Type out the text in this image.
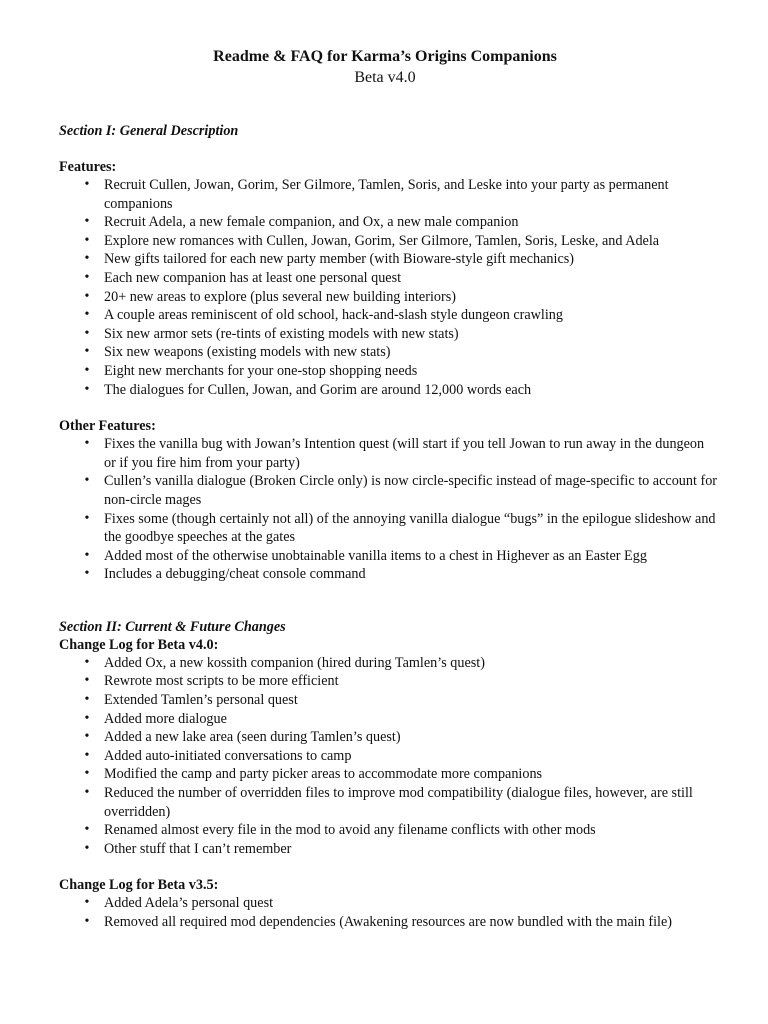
Readme & FAQ for Karma’s Origins Companions

Beta v4.0

Section I: General Description

Features:

• Recruit Cullen, Jowan, Gorim, Ser Gilmore, Tamlen, Soris, and Leske into your party as permanent companions
• Recruit Adela, a new female companion, and Ox, a new male companion
• Explore new romances with Cullen, Jowan, Gorim, Ser Gilmore, Tamlen, Soris, Leske, and Adela
• New gifts tailored for each new party member (with Bioware-style gift mechanics)
• Each new companion has at least one personal quest
• 20+ new areas to explore (plus several new building interiors)
• A couple areas reminiscent of old school, hack-and-slash style dungeon crawling
• Six new armor sets (re-tints of existing models with new stats)
• Six new weapons (existing models with new stats)
• Eight new merchants for your one-stop shopping needs
• The dialogues for Cullen, Jowan, and Gorim are around 12,000 words each

Other Features:

• Fixes the vanilla bug with Jowan’s Intention quest (will start if you tell Jowan to run away in the dungeon or if you fire him from your party)
• Cullen’s vanilla dialogue (Broken Circle only) is now circle-specific instead of mage-specific to account for non-circle mages
• Fixes some (though certainly not all) of the annoying vanilla dialogue “bugs” in the epilogue slideshow and the goodbye speeches at the gates
• Added most of the otherwise unobtainable vanilla items to a chest in Highever as an Easter Egg
• Includes a debugging/cheat console command

Section II: Current & Future Changes

Change Log for Beta v4.0:

• Added Ox, a new kossith companion (hired during Tamlen’s quest)
• Rewrote most scripts to be more efficient
• Extended Tamlen’s personal quest
• Added more dialogue
• Added a new lake area (seen during Tamlen’s quest)
• Added auto-initiated conversations to camp
• Modified the camp and party picker areas to accommodate more companions
• Reduced the number of overridden files to improve mod compatibility (dialogue files, however, are still overridden)
• Renamed almost every file in the mod to avoid any filename conflicts with other mods
• Other stuff that I can’t remember

Change Log for Beta v3.5:

• Added Adela’s personal quest
• Removed all required mod dependencies (Awakening resources are now bundled with the main file)
